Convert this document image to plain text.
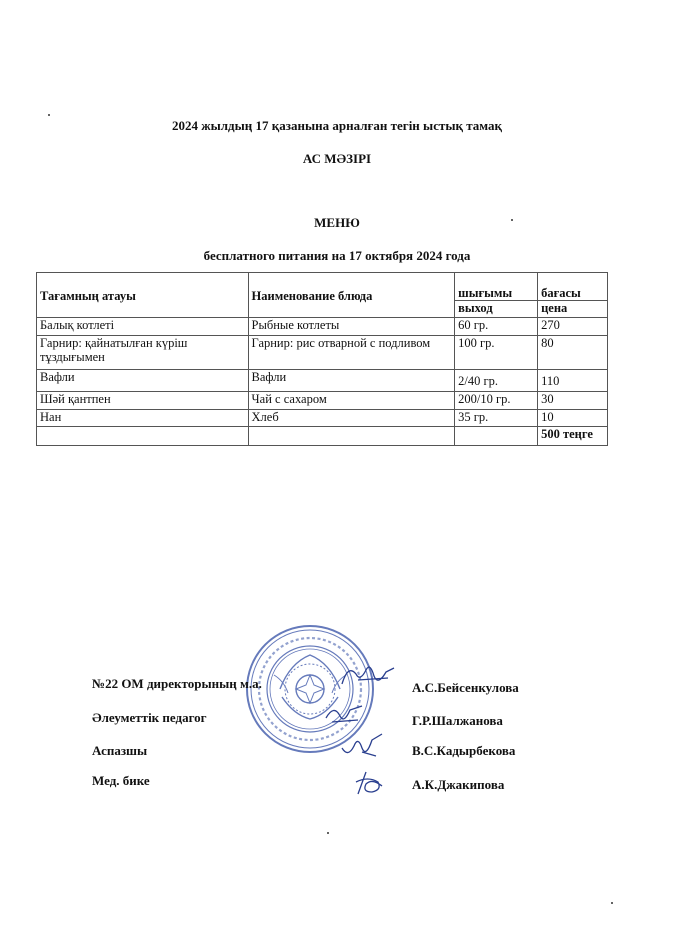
2024 жылдың 17 қазанына арналған тегін ыстық тамақ
АС МӘЗІРІ
МЕНЮ
бесплатного питания на 17 октября 2024 года
Тағамның атауы	Наименование блюда	шығымы	бағасы
		выход	цена
Балық котлеті	Рыбные котлеты	60 гр.	270
Гарнир: қайнатылған күріш тұздығымен	Гарнир: рис отварной с подливом	100 гр.	80
Вафли	Вафли	2/40 гр.	110
Шәй қантпен	Чай с сахаром	200/10 гр.	30
Нан	Хлеб	35 гр.	10
			500 теңге
№22 ОМ директорының м.а.
Әлеуметтік педагог
Аспазшы
Мед. бике
А.С.Бейсенкулова
Г.Р.Шалжанова
В.С.Кадырбекова
А.К.Джакипова
